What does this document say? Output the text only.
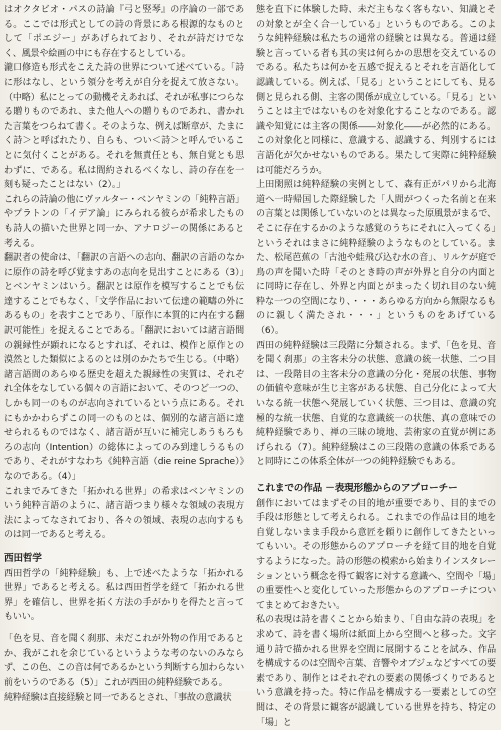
はオクタビオ・パスの詩論『弓と竪琴』の序論の一部である。ここでは形式としての詩の背景にある根源的なものとして「ポエジー」があげられており、それが詩だけでなく、風景や絵画の中にも存在するとしている。

瀧口修造も形式をこえた詩の世界について述べている。「詩に形はなし、という領分を考えが自分を捉えて放さない。（中略）私にとっての動機そえあれば、それが私事につらなる贈りものであれ、また他人への贈りものであれ、書かれた言葉をつらねて書く。そのような、例えば断章が、たまにく詩＞と呼ばれたり、自らも、つい＜詩＞と呼んでいることに気付くことがある。それを無責任とも、無自覚とも思わずに、である。私は間約されるべくなし、詩の存在を一刻も疑ったことはない（2）。」

これらの詩論の他にヴァルター・ベンヤミンの「純粋言語」やプラトンの「イデア論」にみられる彼らが希求したものも詩人の描いた世界と同一か、アナロジーの関係にあると考える。

翻訳者の使命は、「翻訳の言語への志向、翻訳の言語のなかに原作の詩を呼び覚ますあの志向を見出すことにある（3）」とベンヤミンはいう。翻訳とは原作を模写することでも伝達することでもなく、「文学作品において伝達の範疇の外にあるもの」を表すことであり、「原作に本質的に内在する翻訳可能性」を捉えることである。「翻訳においては諸言語間の親縁性が顕れになるとすれば、それは、模作と原作との漠然とした類似によるのとは別のかたちで生じる。（中略）諸言語間のあらゆる歴史を超えた親縁性の実質は、それぞれ全体をなしている個々の言語において、そのつど一つの、しかも同一のものが志向されているという点にある。それにもかかわらずこの同一のものとは、個別的な諸言語に達せられるものではなく、諸言語が互いに補完しあうもろもろの志向（Intention）の総体によってのみ到達しうるものであり、それがすなわち《純粋言語（die reine Sprache）》なのである。（4）」

これまでみてきた「拓かれる世界」の希求はベンヤミンのいう純粋言語のように、諸言語つまり様々な領域の表現方法によってなされており、各々の領域、表現の志向するものは同一であると考える。

西田哲学

西田哲学の「純粋経験」も、上で述べたような「拓かれる世界」であると考える。私は西田哲学を経て「拓かれる世界」を確信し、世界を拓く方法の手がかりを得たと言ってもいい。

「色を見、音を聞く刹那、未だこれが外物の作用であるとか、我がこれを余じているというような考のないのみならず、この色、この音は何であるかという判断すら加わらない前をいうのである（5）」これが西田の純粋経験である。

純粋経験は直接経験と同一であるとされ、「事故の意識状

態を直下に体験した時、未だ主もなく客もない、知識とその対象とが全く合一している」というものである。このような純粋経験は私たちの通常の経験とは異なる。普通は経験と言っている者も其の実は何らかの思想を交えているのである。私たちは何かを五感で捉えるとそれを言語化して認識している。例えば、「見る」ということにしても、見る側と見られる側、主客の関係が成立している。「見る」ということは主ではないものを対象化することなのである。認識や知覚には主客の関係――対象化――が必然的にある。この対象化と同様に、意識する、認識する、判別するには言語化が欠かせないものである。果たして実際に純粋経験は可能だろうか。

上田閑照は純粋経験の実例として、森有正がパリから北海道へ一時帰国した際経験した「人間がつくった名前と在来の言葉とは関係していないのとは異なった原風景がまるで、そこに存在するかのような感覚のうちにそれに入ってくる」というそれはまさに純粋経験のようなものとしている。また、松尾芭蕉の「古池や蛙飛び込む水の音」、リルケが庭で鳥の声を聞いた時「そのとき時の声が外界と自分の内面とに同時に存在し、外界と内面とがまったく切れ目のない純粋な一つの空間になり、・・・あらゆる方向から無限なるものに親しく満たされ・・・」というものをあげている（6）。

西田の純粋経験は三段階に分類される。まず、「色を見、音を聞く刹那」の主客未分の状態、意識の統一状態、二つ目は、一段階目の主客未分の意識の分化・発展の状態、事物の価値や意味が生じ主客がある状態、自己分化によって大いなる統一状態へ発展していく状態、三つ目は、意識の究極的な統一状態、自覚的な意識統一の状態、真の意味での純粋経験であり、禅の三昧の境地、芸術家の直覚が例にあげられる（7）。純粋経験はこの三段階の意識の体系であると同時にこの体系全体が一つの純粋経験でもある。

これまでの作品 －表現形態からのアプローチー

創作においてはまずその目的地が重要であり、目的までの手段は形態として考えられる。これまでの作品は目的地を自覚しないまま手段から意匠を頼りに創作してきたといってもいい。その形態からのアプローチを経て目的地を自覚するようになった。詩の形態の模索から始まりインスタレーションという概念を得て観客に対する意識へ、空間や「場」の重要性へと変化していった形態からのアプローチについてまとめておきたい。

私の表現は詩を書くことから始まり、「自由な詩の表現」を求めて、詩を書く場所は紙面上から空間へと移った。文字通り詩で描かれる世界を空間に展開することを試み、作品を構成するのは空間や言葉、音響やオブジェなどすべての要素であり、制作とはそれぞれの要素の関係づくりであるという意識を持った。特に作品を構成する一要素としての空間は、その背景に観客が認識している世界を持ち、特定の「場」と
